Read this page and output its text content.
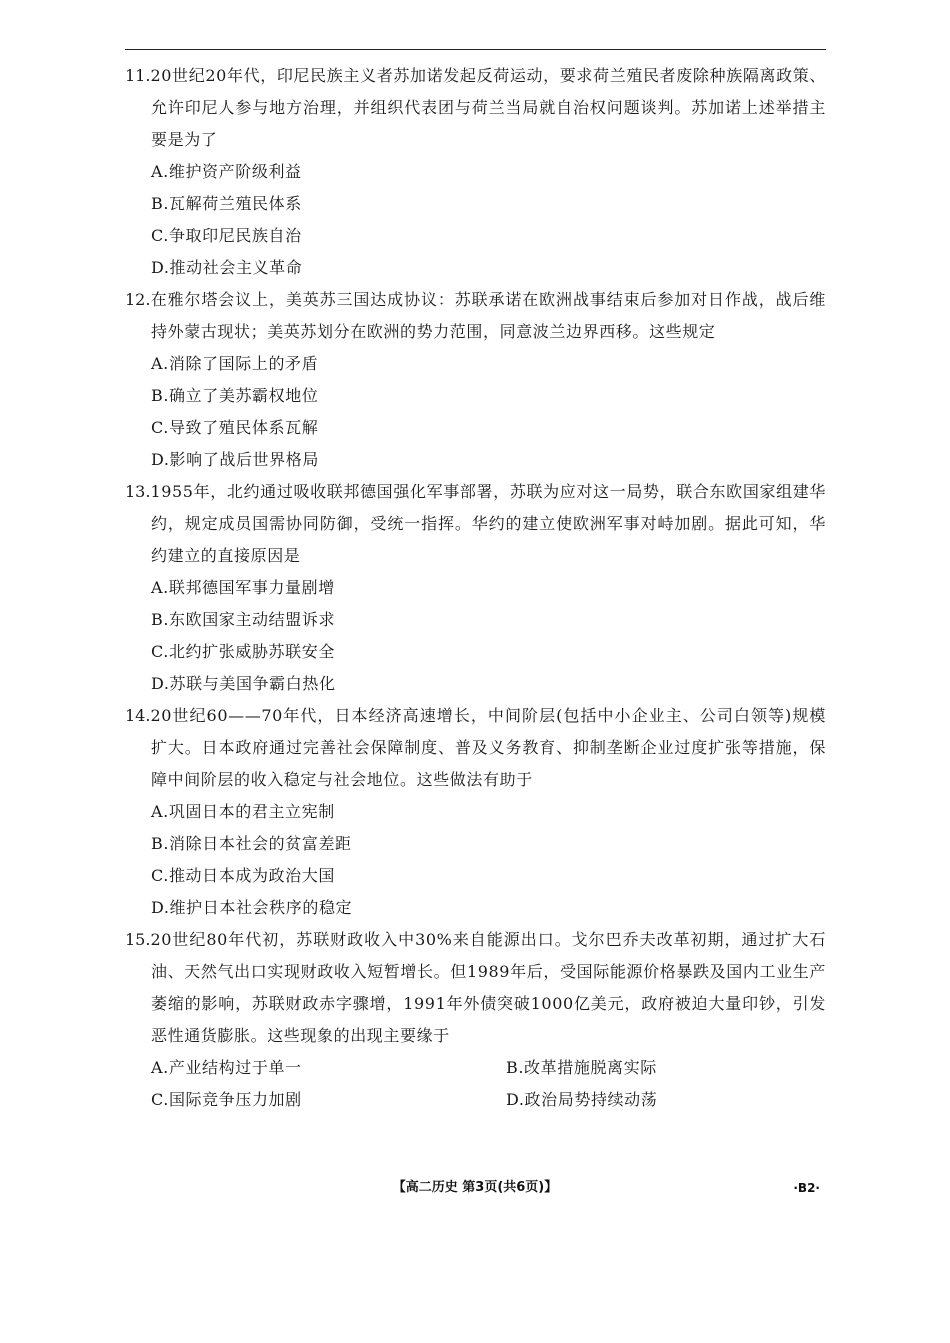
11.20世纪20年代，印尼民族主义者苏加诺发起反荷运动，要求荷兰殖民者废除种族隔离政策、允许印尼人参与地方治理，并组织代表团与荷兰当局就自治权问题谈判。苏加诺上述举措主要是为了
A.维护资产阶级利益
B.瓦解荷兰殖民体系
C.争取印尼民族自治
D.推动社会主义革命
12.在雅尔塔会议上，美英苏三国达成协议：苏联承诺在欧洲战事结束后参加对日作战，战后维持外蒙古现状；美英苏划分在欧洲的势力范围，同意波兰边界西移。这些规定
A.消除了国际上的矛盾
B.确立了美苏霸权地位
C.导致了殖民体系瓦解
D.影响了战后世界格局
13.1955年，北约通过吸收联邦德国强化军事部署，苏联为应对这一局势，联合东欧国家组建华约，规定成员国需协同防御，受统一指挥。华约的建立使欧洲军事对峙加剧。据此可知，华约建立的直接原因是
A.联邦德国军事力量剧增
B.东欧国家主动结盟诉求
C.北约扩张威胁苏联安全
D.苏联与美国争霸白热化
14.20世纪60——70年代，日本经济高速增长，中间阶层(包括中小企业主、公司白领等)规模扩大。日本政府通过完善社会保障制度、普及义务教育、抑制垄断企业过度扩张等措施，保障中间阶层的收入稳定与社会地位。这些做法有助于
A.巩固日本的君主立宪制
B.消除日本社会的贫富差距
C.推动日本成为政治大国
D.维护日本社会秩序的稳定
15.20世纪80年代初，苏联财政收入中30%来自能源出口。戈尔巴乔夫改革初期，通过扩大石油、天然气出口实现财政收入短暂增长。但1989年后，受国际能源价格暴跌及国内工业生产萎缩的影响，苏联财政赤字骤增，1991年外债突破1000亿美元，政府被迫大量印钞，引发恶性通货膨胀。这些现象的出现主要缘于
A.产业结构过于单一	B.改革措施脱离实际
C.国际竞争压力加剧	D.政治局势持续动荡
【高二历史 第3页(共6页)】	·B2·
